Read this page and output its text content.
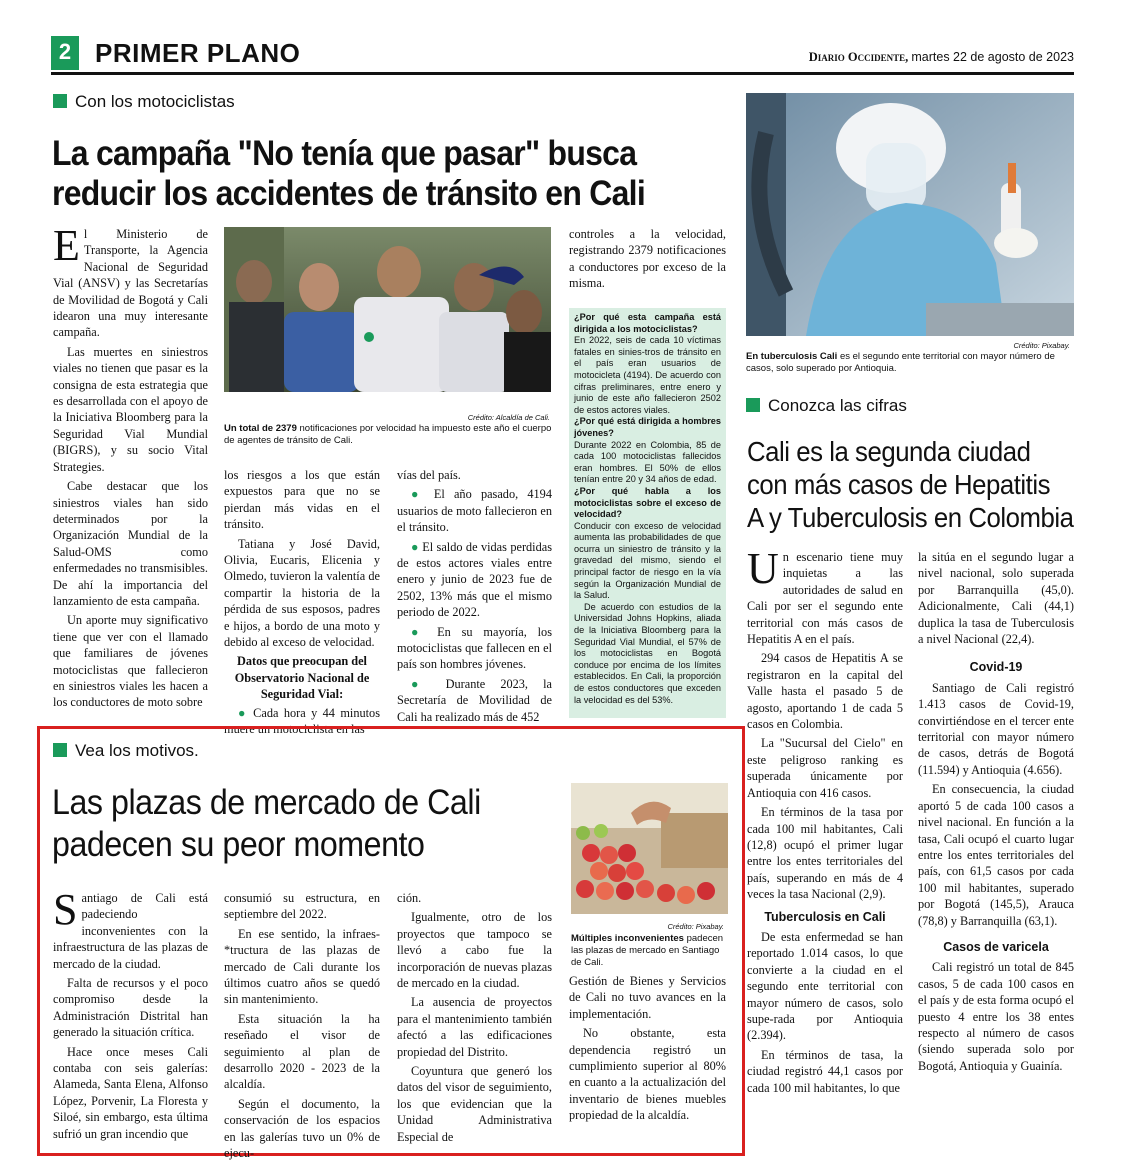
2 PRIMER PLANO	Diario Occidente, martes 22 de agosto de 2023
Con los motociclistas
La campaña "No tenía que pasar" busca
reducir los accidentes de tránsito en Cali

El Ministerio de Transporte, la Agencia Nacional de Seguridad Vial (ANSV) y las Secretarías de Movilidad de Bogotá y Cali idearon una muy interesante campaña.

Las muertes en siniestros viales no tienen que pasar es la consigna de esta estrategia que es desarrollada con el apoyo de la Iniciativa Bloomberg para la Seguridad Vial Mundial (BIGRS), y su socio Vital Strategies.

Cabe destacar que los siniestros viales han sido determinados por la Organización Mundial de la Salud-OMS como enfermedades no transmisibles. De ahí la importancia del lanzamiento de esta campaña.

Un aporte muy significativo tiene que ver con el llamado que familiares de jóvenes motociclistas que fallecieron en siniestros viales les hacen a los conductores de moto sobre

Crédito: Alcaldía de Cali.
Un total de 2379 notificaciones por velocidad ha impuesto este año el cuerpo de agentes de tránsito de Cali.

los riesgos a los que están expuestos para que no se pierdan más vidas en el tránsito.

Tatiana y José David, Olivia, Eucaris, Elicenia y Olmedo, tuvieron la valentía de compartir la historia de la pérdida de sus esposos, padres e hijos, a bordo de una moto y debido al exceso de velocidad.

Datos que preocupan del Observatorio Nacional de Seguridad Vial:

● Cada hora y 44 minutos muere un motociclista en las

vías del país.

● El año pasado, 4194 usuarios de moto fallecieron en el tránsito.

● El saldo de vidas perdidas de estos actores viales entre enero y junio de 2023 fue de 2502, 13% más que el mismo periodo de 2022.

● En su mayoría, los motociclistas que fallecen en el país son hombres jóvenes.

● Durante 2023, la Secretaría de Movilidad de Cali ha realizado más de 452

controles a la velocidad, registrando 2379 notificaciones a conductores por exceso de la misma.

¿Por qué esta campaña está dirigida a los motociclistas?
En 2022, seis de cada 10 víctimas fatales en sinies-tros de tránsito en el país eran usuarios de motocicleta (4194). De acuerdo con cifras preliminares, entre enero y junio de este año fallecieron 2502 de estos actores viales.
¿Por qué está dirigida a hombres jóvenes?
Durante 2022 en Colombia, 85 de cada 100 motociclistas fallecidos eran hombres. El 50% de ellos tenían entre 20 y 34 años de edad.
¿Por qué habla a los motociclistas sobre el exceso de velocidad?
Conducir con exceso de velocidad aumenta las probabilidades de que ocurra un siniestro de tránsito y la gravedad del mismo, siendo el principal factor de riesgo en la vía según la Organización Mundial de la Salud.
De acuerdo con estudios de la Universidad Johns Hopkins, aliada de la Iniciativa Bloomberg para la Seguridad Vial Mundial, el 57% de los motociclistas en Bogotá conduce por encima de los límites establecidos. En Cali, la proporción de estos conductores que exceden la velocidad es del 53%.
Crédito: Pixabay.
En tuberculosis Cali es el segundo ente territorial con mayor número de casos, solo superado por Antioquia.
Conozca las cifras
Cali es la segunda ciudad
con más casos de Hepatitis
A y Tuberculosis en Colombia

Un escenario tiene muy inquietas a las autoridades de salud en Cali por ser el segundo ente territorial con más casos de Hepatitis A en el país.

294 casos de Hepatitis A se registraron en la capital del Valle hasta el pasado 5 de agosto, aportando 1 de cada 5 casos en Colombia.

La "Sucursal del Cielo" en este peligroso ranking es superada únicamente por Antioquia con 416 casos.

En términos de la tasa por cada 100 mil habitantes, Cali (12,8) ocupó el primer lugar entre los entes territoriales del país, superando en más de 4 veces la tasa Nacional (2,9).

Tuberculosis en Cali

De esta enfermedad se han reportado 1.014 casos, lo que convierte a la ciudad en el segundo ente territorial con mayor número de casos, solo supe-rada por Antioquia (2.394).

En términos de tasa, la ciudad registró 44,1 casos por cada 100 mil habitantes, lo que

la sitúa en el segundo lugar a nivel nacional, solo superada por Barranquilla (45,0). Adicionalmente, Cali (44,1) duplica la tasa de Tuberculosis a nivel Nacional (22,4).

Covid-19

Santiago de Cali registró 1.413 casos de Covid-19, convirtiéndose en el tercer ente territorial con mayor número de casos, detrás de Bogotá (11.594) y Antioquia (4.656).

En consecuencia, la ciudad aportó 5 de cada 100 casos a nivel nacional. En función a la tasa, Cali ocupó el cuarto lugar entre los entes territoriales del país, con 61,5 casos por cada 100 mil habitantes, superado por Bogotá (145,5), Arauca (78,8) y Barranquilla (63,1).

Casos de varicela

Cali registró un total de 845 casos, 5 de cada 100 casos en el país y de esta forma ocupó el puesto 4 entre los 38 entes respecto al número de casos (siendo superada solo por Bogotá, Antioquia y Guainía.

Vea los motivos.
Las plazas de mercado de Cali
padecen su peor momento
Crédito: Pixabay.
Múltiples inconvenientes padecen las plazas de mercado en Santiago de Cali.

Santiago de Cali está padeciendo inconvenientes con la infraestructura de las plazas de mercado de la ciudad.

Falta de recursos y el poco compromiso desde la Administración Distrital han generado la situación crítica.

Hace once meses Cali contaba con seis galerías: Alameda, Santa Elena, Alfonso López, Porvenir, La Floresta y Siloé, sin embargo, esta última sufrió un gran incendio que

consumió su estructura, en septiembre del 2022.

En ese sentido, la infraes-*tructura de las plazas de mercado de Cali durante los últimos cuatro años se quedó sin mantenimiento.

Esta situación la ha reseñado el visor de seguimiento al plan de desarrollo 2020 - 2023 de la alcaldía.

Según el documento, la conservación de los espacios en las galerías tuvo un 0% de ejecu-

ción.

Igualmente, otro de los proyectos que tampoco se llevó a cabo fue la incorporación de nuevas plazas de mercado en la ciudad.

La ausencia de proyectos para el mantenimiento también afectó a las edificaciones propiedad del Distrito.

Coyuntura que generó los datos del visor de seguimiento, los que evidencian que la Unidad Administrativa Especial de

Gestión de Bienes y Servicios de Cali no tuvo avances en la implementación.

No obstante, esta dependencia registró un cumplimiento superior al 80% en cuanto a la actualización del inventario de bienes muebles propiedad de la alcaldía.
